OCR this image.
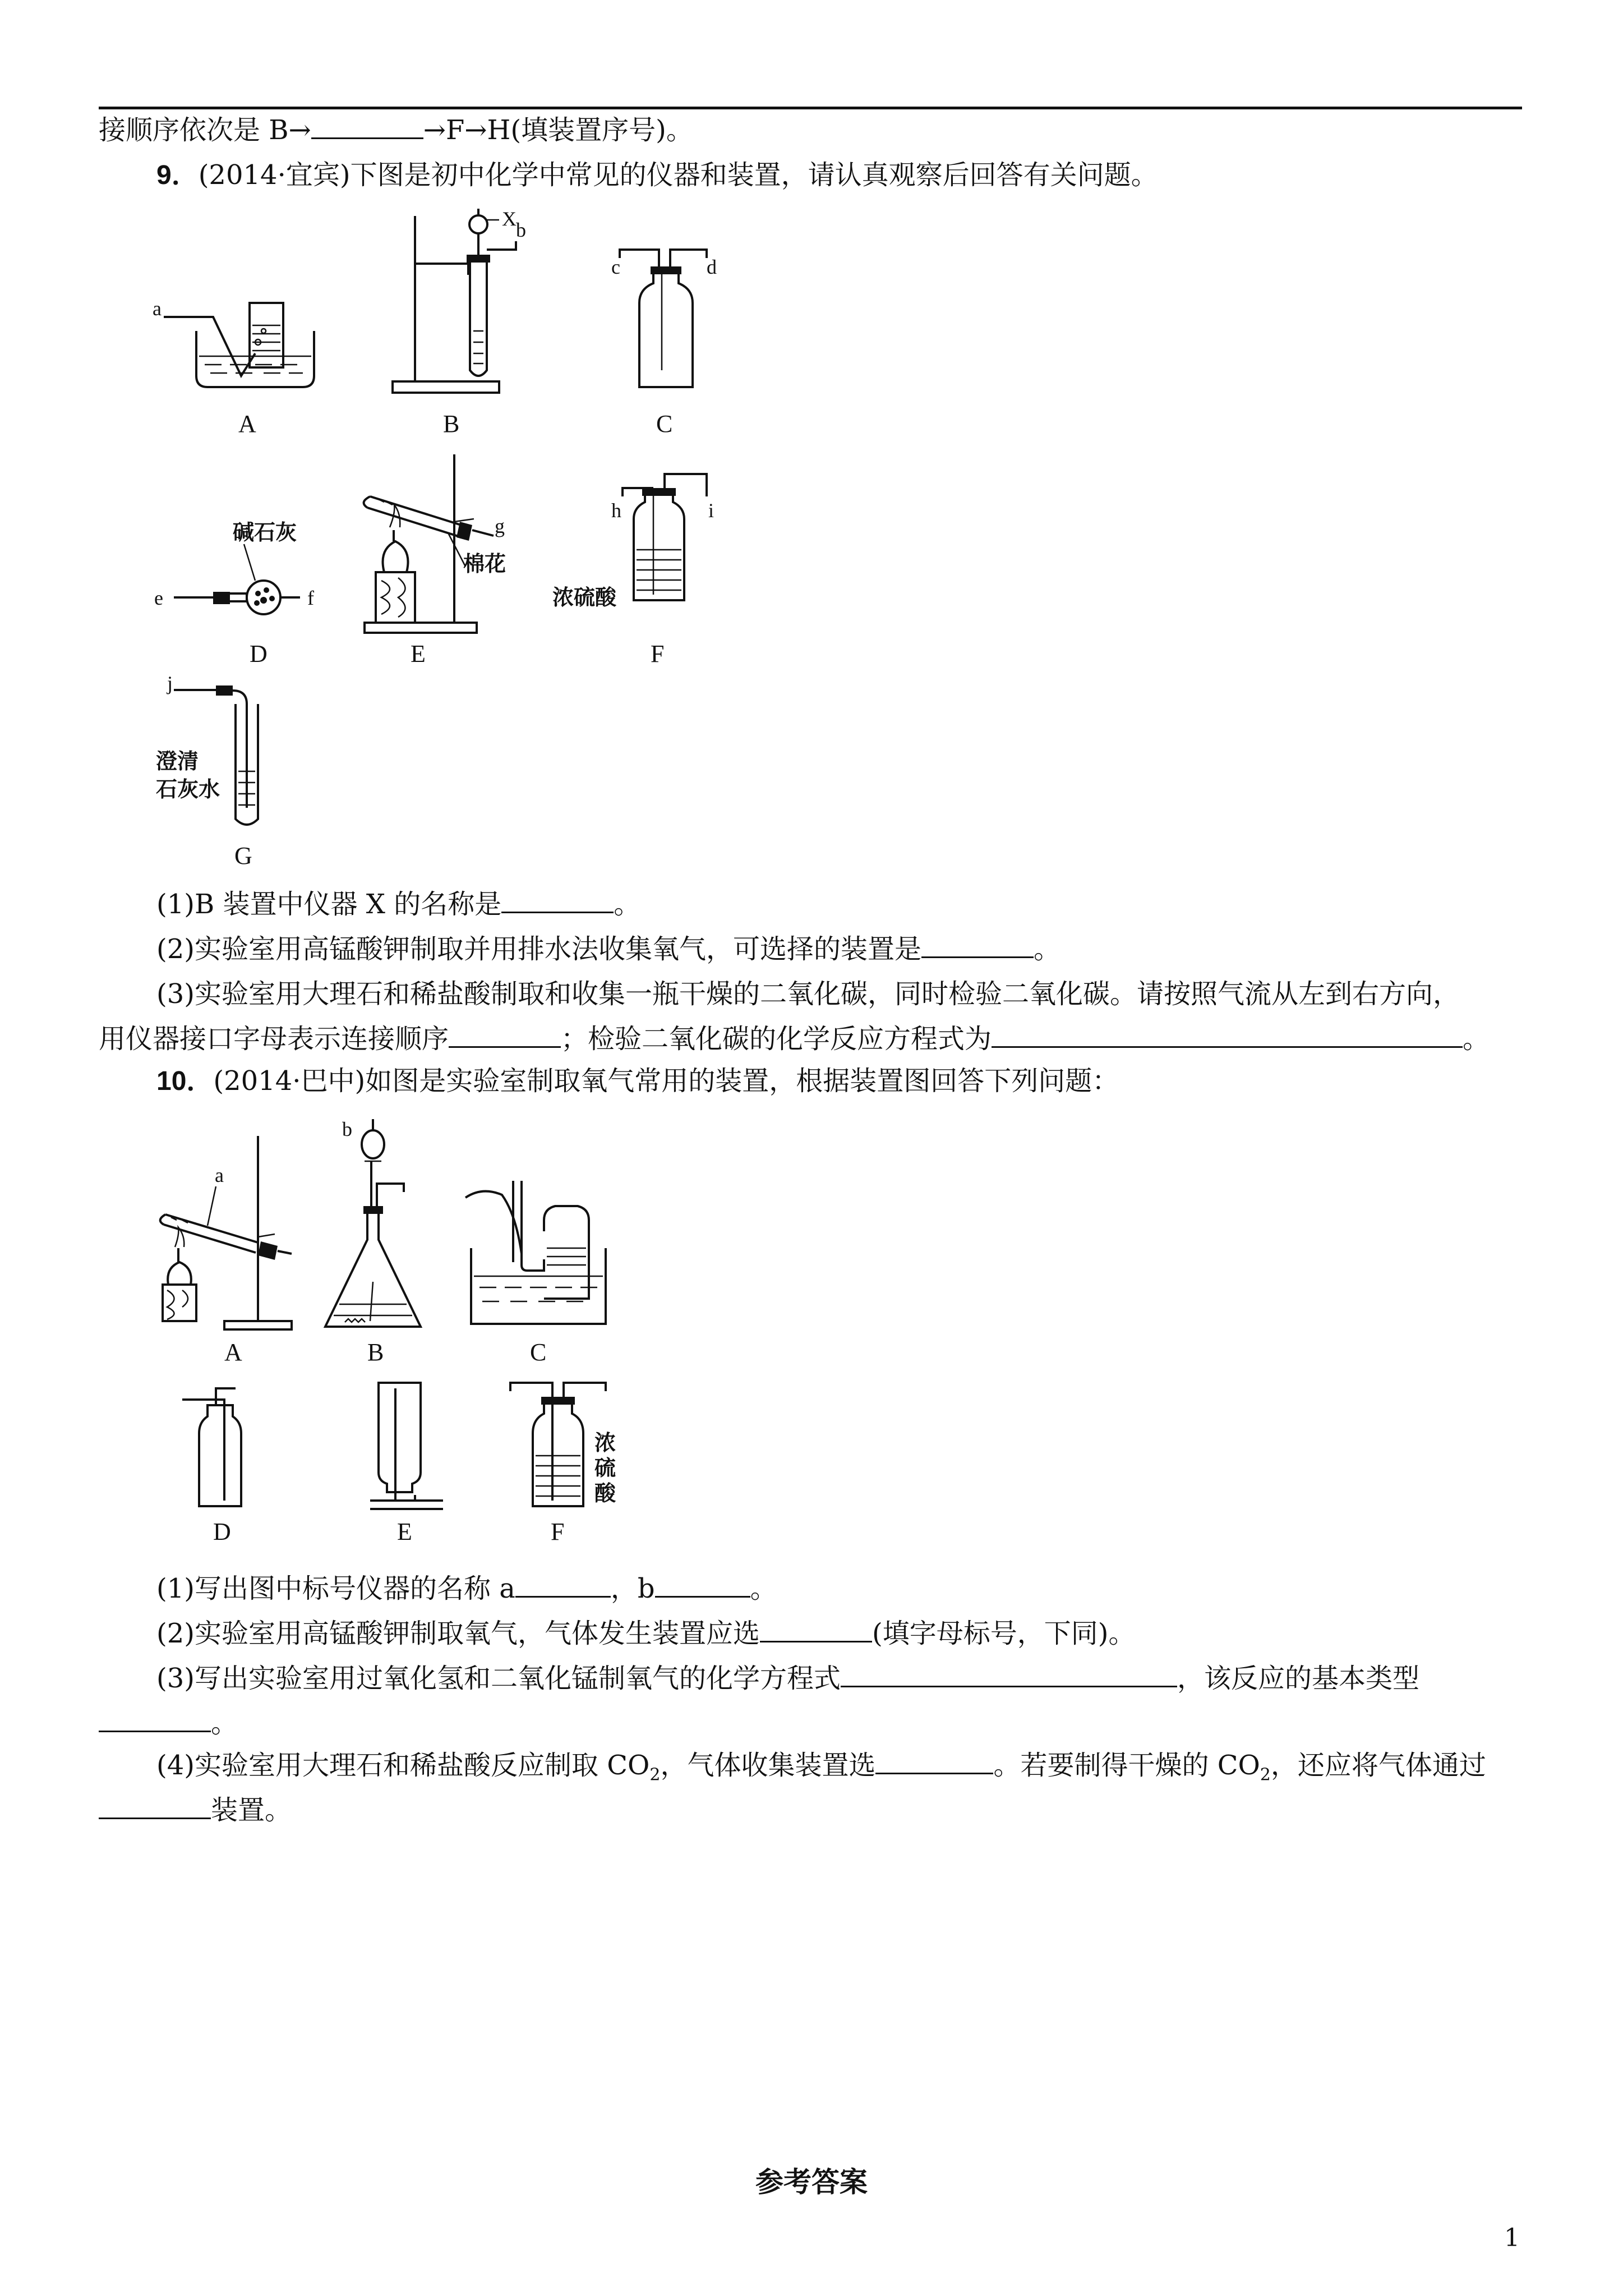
接顺序依次是 B→	→F→H(填装置序号)。
9．(2014·宜宾)下图是初中化学中常见的仪器和装置，请认真观察后回答有关问题。
a
A
X b
B
c	d
C
碱石灰
e	f
D
g
棉花
E
h	i
浓硫酸
F
j
澄清
石灰水
G
(1)B 装置中仪器 X 的名称是	。
(2)实验室用高锰酸钾制取并用排水法收集氧气，可选择的装置是	。
(3)实验室用大理石和稀盐酸制取和收集一瓶干燥的二氧化碳，同时检验二氧化碳。请按照气流从左到右方向，
用仪器接口字母表示连接顺序	；检验二氧化碳的化学反应方程式为	。
10．(2014·巴中)如图是实验室制取氧气常用的装置，根据装置图回答下列问题：
a
A
b
B	C
D	E
浓
硫
酸
F
(1)写出图中标号仪器的名称 a	，b	。
(2)实验室用高锰酸钾制取氧气，气体发生装置应选	(填字母标号，下同)。
(3)写出实验室用过氧化氢和二氧化锰制氧气的化学方程式	，该反应的基本类型
。
(4)实验室用大理石和稀盐酸反应制取 $CO_2$，气体收集装置选	。若要制得干燥的 $CO_2$，还应将气体通过
装置。
参考答案
1
